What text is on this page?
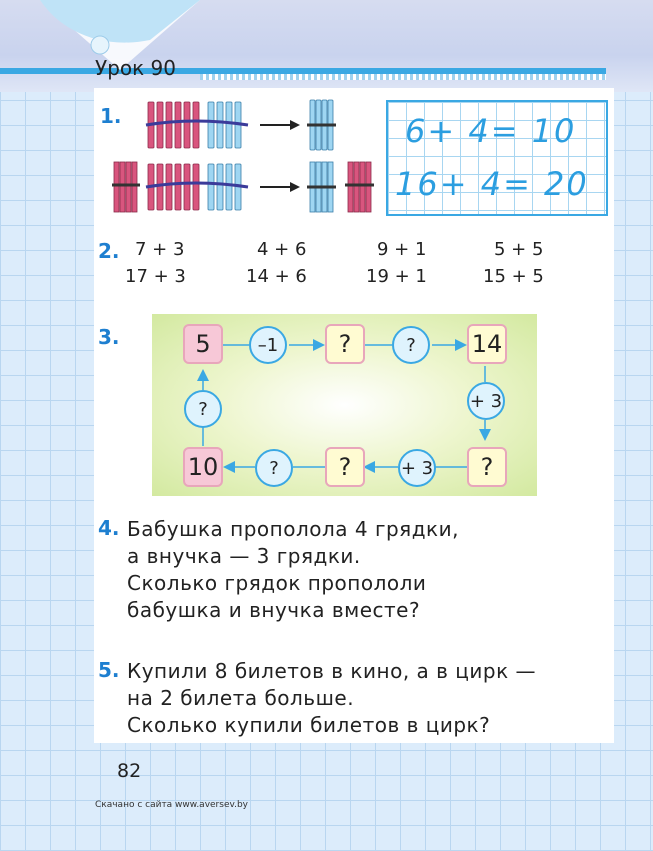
Урок 90
1.	6+ 4= 10
16+ 4= 20
2. 7 + 3	4 + 6	9 + 1	5 + 5
17 + 3	14 + 6	19 + 1	15 + 5
3.	5	–1	?	?	14
+ 3
?
+ 3
?
?
10
?
4. Бабушка прополола 4 грядки,
а внучка — 3 грядки.
Сколько грядок пропололи
бабушка и внучка вместе?
5. Купили 8 билетов в кино, а в цирк —
на 2 билета больше.
Сколько купили билетов в цирк?
82
Скачано с сайта www.aversev.by
